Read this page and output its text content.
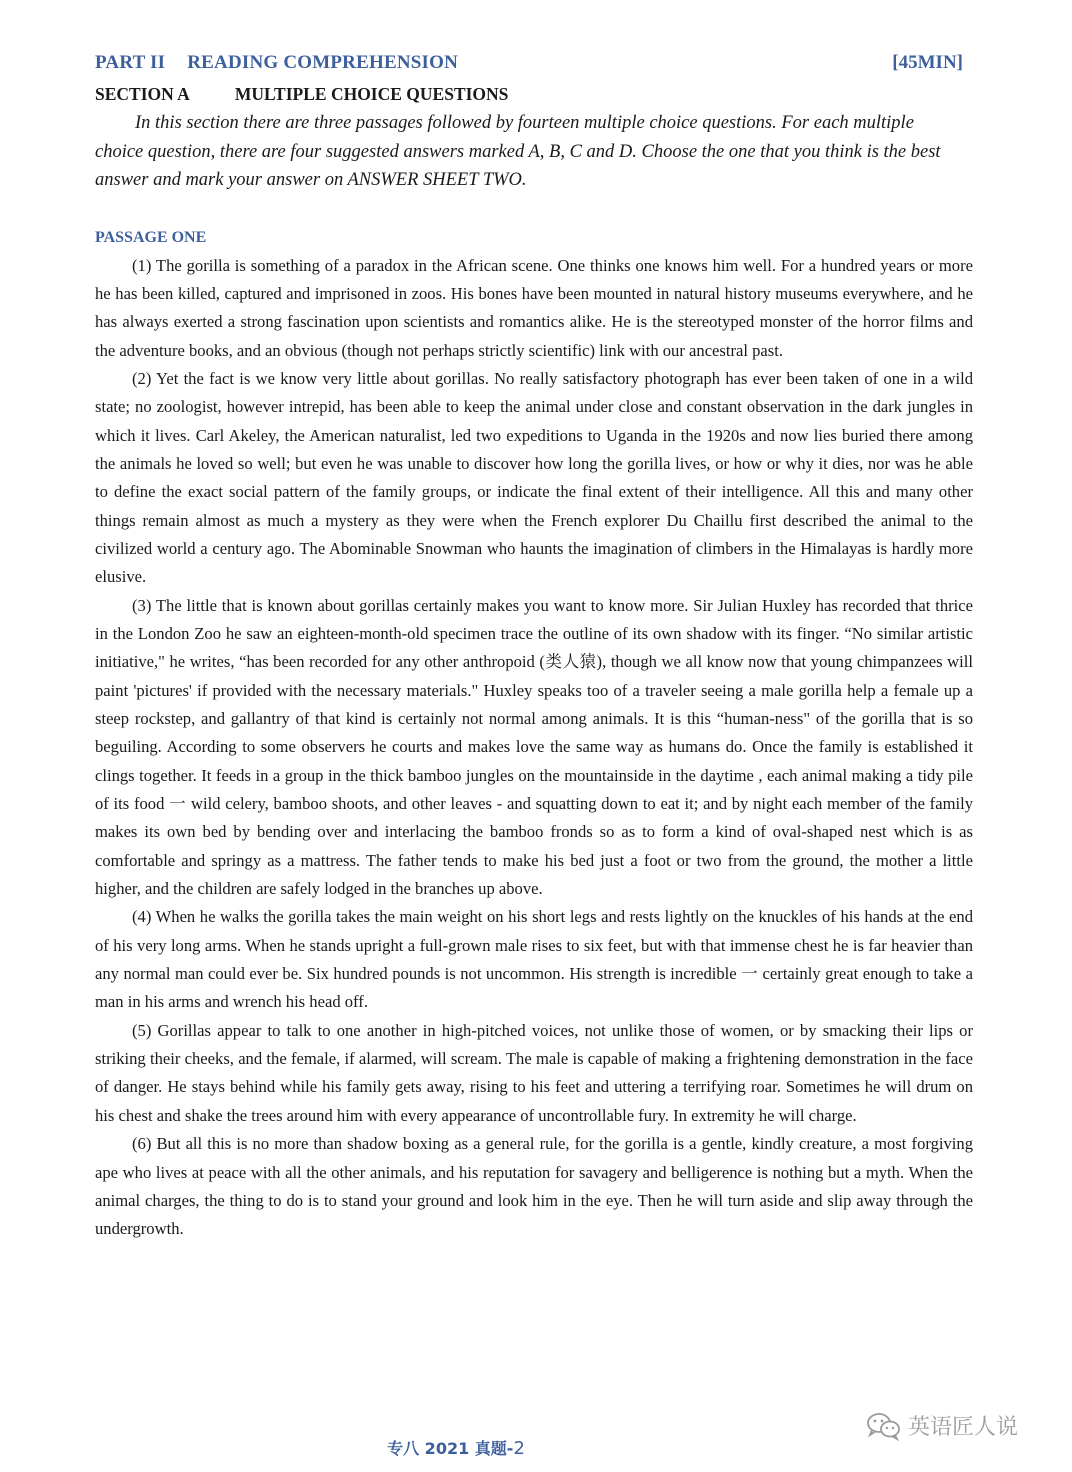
PART II READING COMPREHENSION	[45MIN]
SECTION A	MULTIPLE CHOICE QUESTIONS

In this section there are three passages followed by fourteen multiple choice questions. For each multiple choice question, there are four suggested answers marked A, B, C and D. Choose the one that you think is the best answer and mark your answer on ANSWER SHEET TWO.

PASSAGE ONE

(1) The gorilla is something of a paradox in the African scene. One thinks one knows him well. For a hundred years or more he has been killed, captured and imprisoned in zoos. His bones have been mounted in natural history museums everywhere, and he has always exerted a strong fascination upon scientists and romantics alike. He is the stereotyped monster of the horror films and the adventure books, and an obvious (though not perhaps strictly scientific) link with our ancestral past.

(2) Yet the fact is we know very little about gorillas. No really satisfactory photograph has ever been taken of one in a wild state; no zoologist, however intrepid, has been able to keep the animal under close and constant observation in the dark jungles in which it lives. Carl Akeley, the American naturalist, led two expeditions to Uganda in the 1920s and now lies buried there among the animals he loved so well; but even he was unable to discover how long the gorilla lives, or how or why it dies, nor was he able to define the exact social pattern of the family groups, or indicate the final extent of their intelligence. All this and many other things remain almost as much a mystery as they were when the French explorer Du Chaillu first described the animal to the civilized world a century ago. The Abominable Snowman who haunts the imagination of climbers in the Himalayas is hardly more elusive.

(3) The little that is known about gorillas certainly makes you want to know more. Sir Julian Huxley has recorded that thrice in the London Zoo he saw an eighteen-month-old specimen trace the outline of its own shadow with its finger. “No similar artistic initiative," he writes, “has been recorded for any other anthropoid (类人猿), though we all know now that young chimpanzees will paint 'pictures' if provided with the necessary materials." Huxley speaks too of a traveler seeing a male gorilla help a female up a steep rockstep, and gallantry of that kind is certainly not normal among animals. It is this “human-ness" of the gorilla that is so beguiling. According to some observers he courts and makes love the same way as humans do. Once the family is established it clings together. It feeds in a group in the thick bamboo jungles on the mountainside in the daytime , each animal making a tidy pile of its food 一 wild celery, bamboo shoots, and other leaves - and squatting down to eat it; and by night each member of the family makes its own bed by bending over and interlacing the bamboo fronds so as to form a kind of oval-shaped nest which is as comfortable and springy as a mattress. The father tends to make his bed just a foot or two from the ground, the mother a little higher, and the children are safely lodged in the branches up above.

(4) When he walks the gorilla takes the main weight on his short legs and rests lightly on the knuckles of his hands at the end of his very long arms. When he stands upright a full-grown male rises to six feet, but with that immense chest he is far heavier than any normal man could ever be. Six hundred pounds is not uncommon. His strength is incredible 一 certainly great enough to take a man in his arms and wrench his head off.

(5) Gorillas appear to talk to one another in high-pitched voices, not unlike those of women, or by smacking their lips or striking their cheeks, and the female, if alarmed, will scream. The male is capable of making a frightening demonstration in the face of danger. He stays behind while his family gets away, rising to his feet and uttering a terrifying roar. Sometimes he will drum on his chest and shake the trees around him with every appearance of uncontrollable fury. In extremity he will charge.

(6) But all this is no more than shadow boxing as a general rule, for the gorilla is a gentle, kindly creature, a most forgiving ape who lives at peace with all the other animals, and his reputation for savagery and belligerence is nothing but a myth. When the animal charges, the thing to do is to stand your ground and look him in the eye. Then he will turn aside and slip away through the undergrowth.

英语匠人说
专八 2021 真题-2
